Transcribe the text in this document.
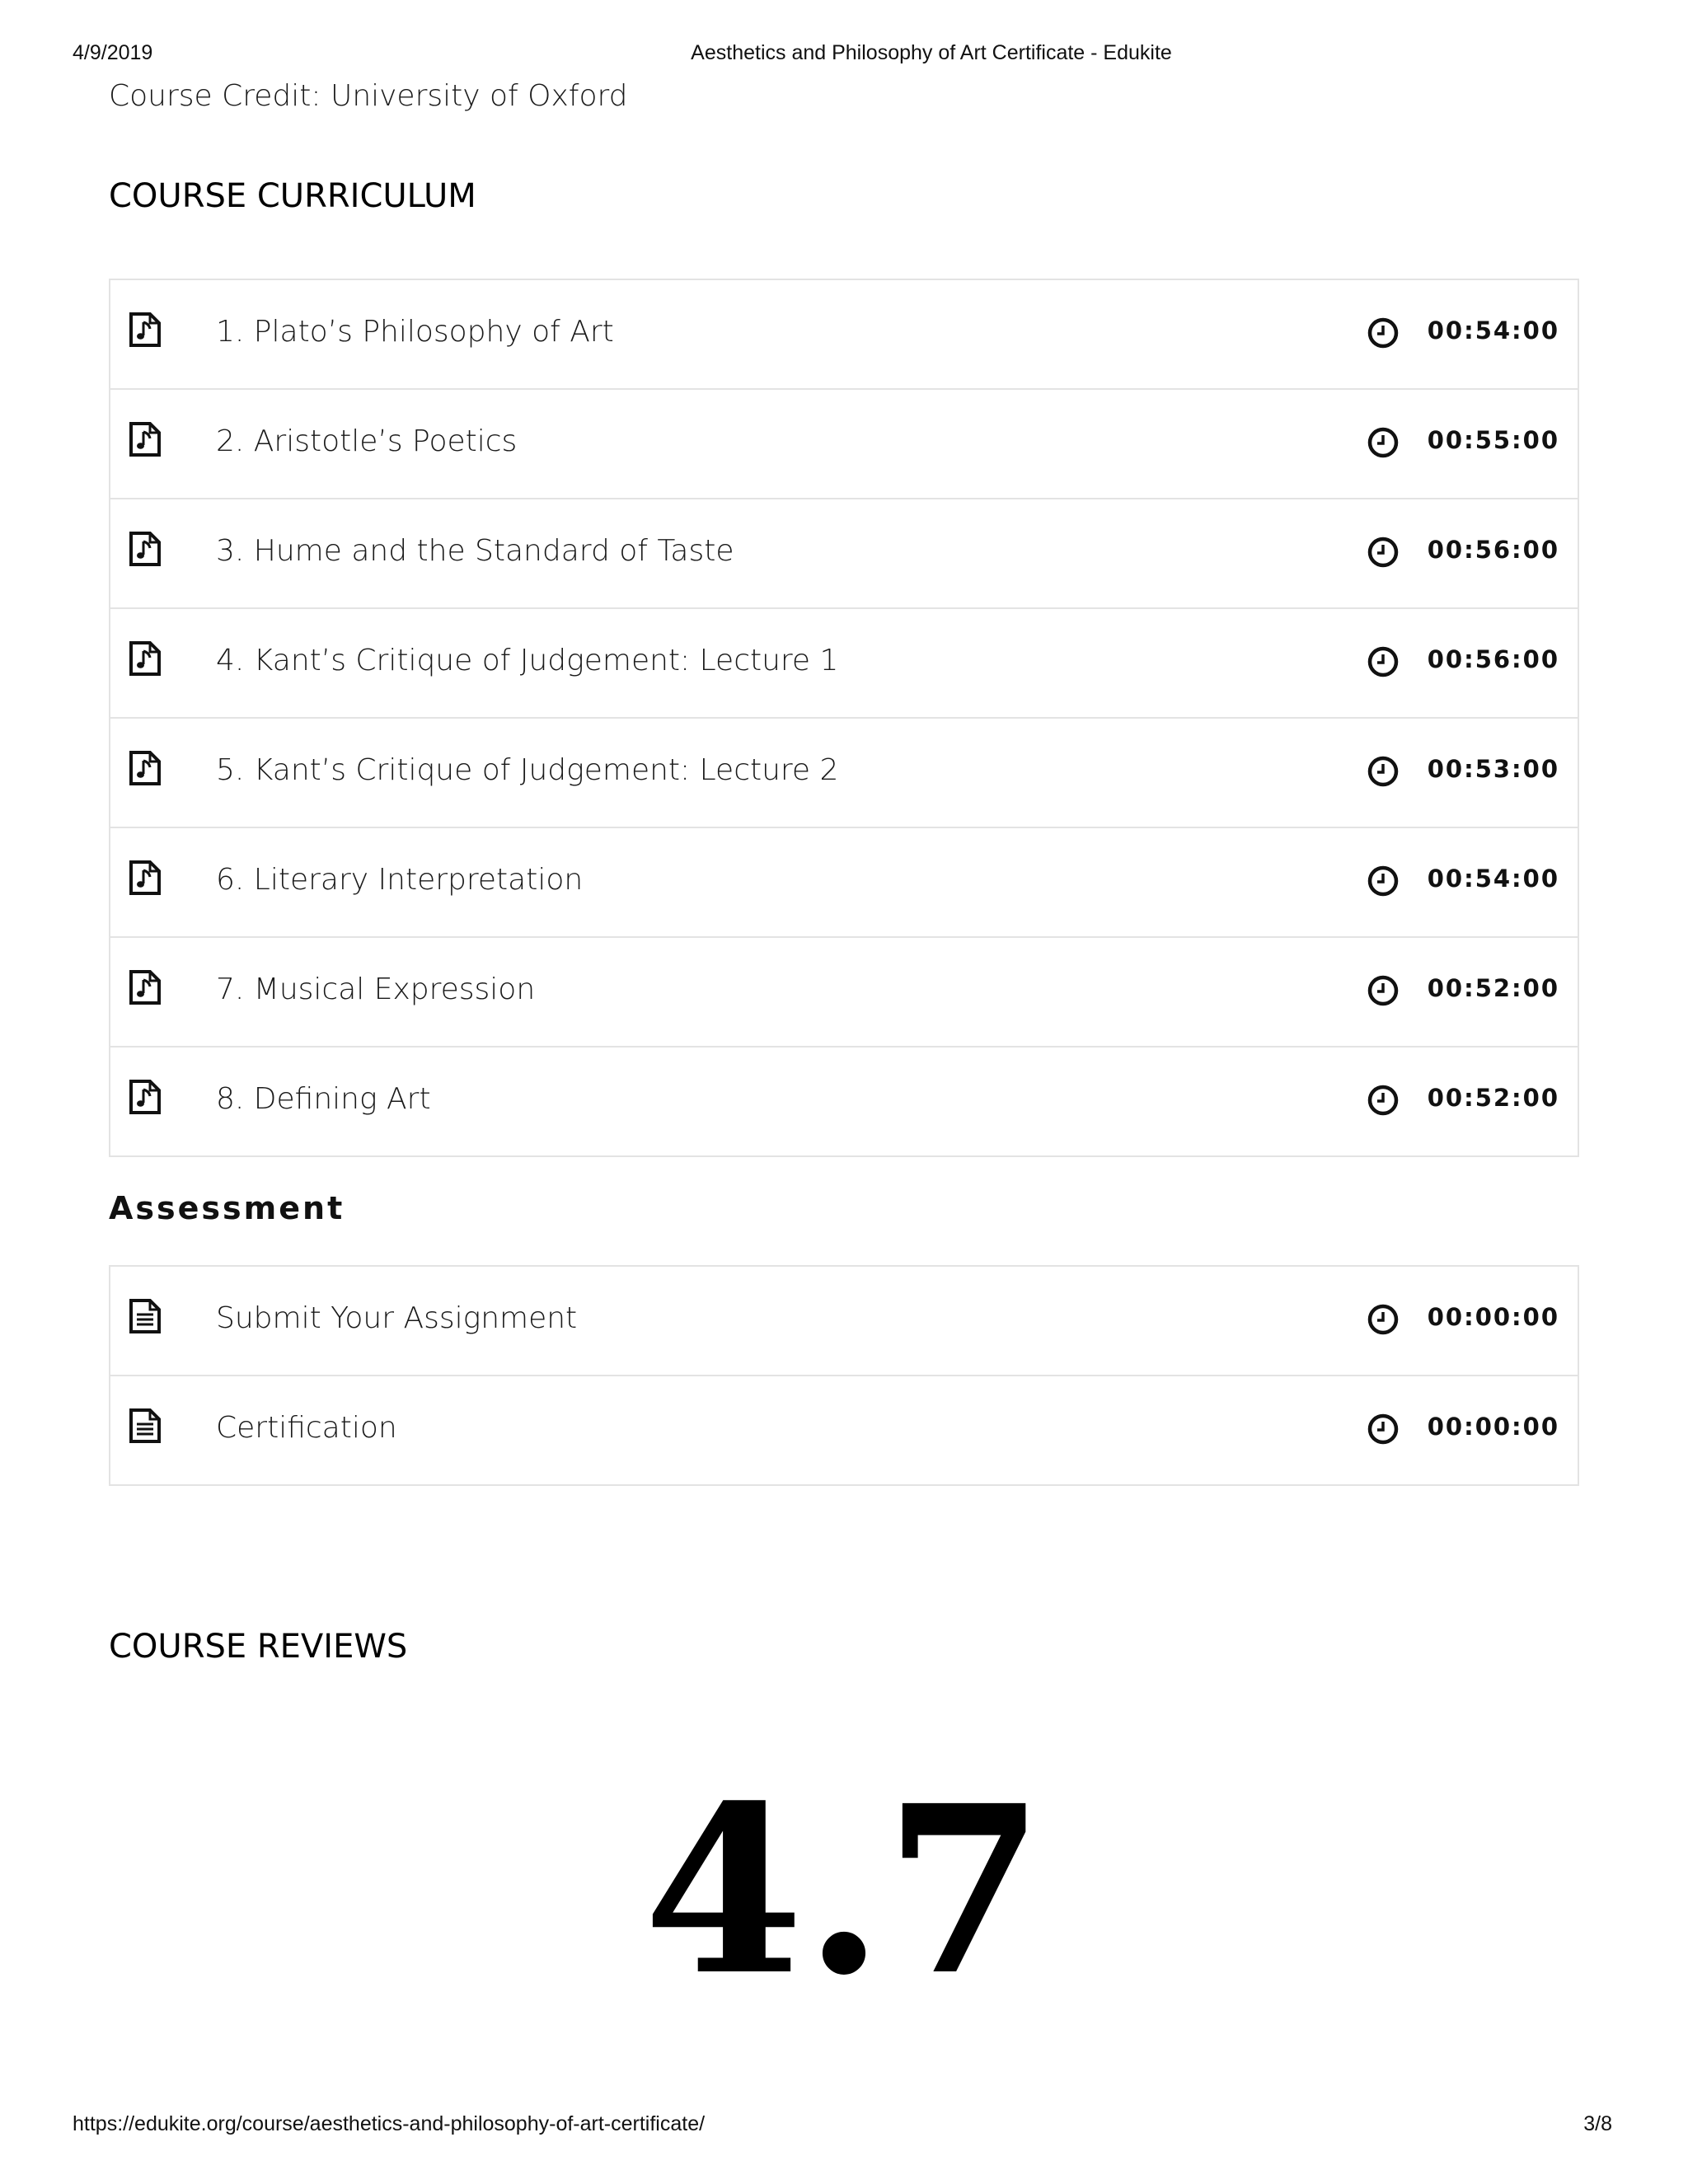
4/9/2019	Aesthetics and Philosophy of Art Certificate - Edukite
Course Credit: University of Oxford
COURSE CURRICULUM
1. Plato’s Philosophy of Art	00:54:00
2. Aristotle’s Poetics	00:55:00
3. Hume and the Standard of Taste	00:56:00
4. Kant’s Critique of Judgement: Lecture 1	00:56:00
5. Kant’s Critique of Judgement: Lecture 2	00:53:00
6. Literary Interpretation	00:54:00
7. Musical Expression	00:52:00
8. Defining Art	00:52:00
Assessment
Submit Your Assignment	00:00:00
Certification	00:00:00
COURSE REVIEWS
4.7
https://edukite.org/course/aesthetics-and-philosophy-of-art-certificate/	3/8
